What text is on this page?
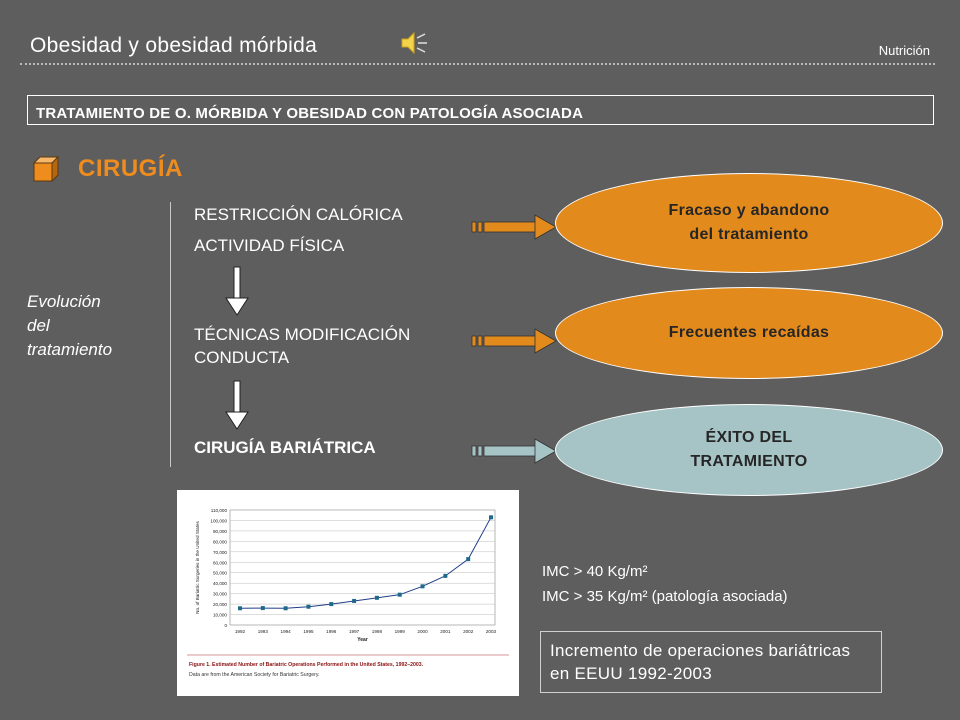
Obesidad y obesidad mórbida	Nutrición
TRATAMIENTO DE O. MÓRBIDA Y OBESIDAD CON PATOLOGÍA ASOCIADA
CIRUGÍA
Evolución
del
tratamiento
RESTRICCIÓN CALÓRICA
ACTIVIDAD FÍSICA
TÉCNICAS MODIFICACIÓN CONDUCTA
CIRUGÍA BARIÁTRICA
Fracaso y abandono
del tratamiento
Frecuentes recaídas
ÉXITO DEL
TRATAMIENTO
0
10,000
20,000
30,000
40,000
50,000
60,000
70,000
80,000
90,000
100,000
110,000
1992	1993	1994	1995	1996	1997	1998	1999	2000	2001	2002	2003
Year
No. of Bariatric Surgeries in the United States
Figure 1. Estimated Number of Bariatric Operations Performed in the United States, 1992–2003.
Data are from the American Society for Bariatric Surgery.
IMC > 40 Kg/m²
IMC > 35 Kg/m² (patología asociada)
Incremento de operaciones bariátricas en EEUU 1992-2003
